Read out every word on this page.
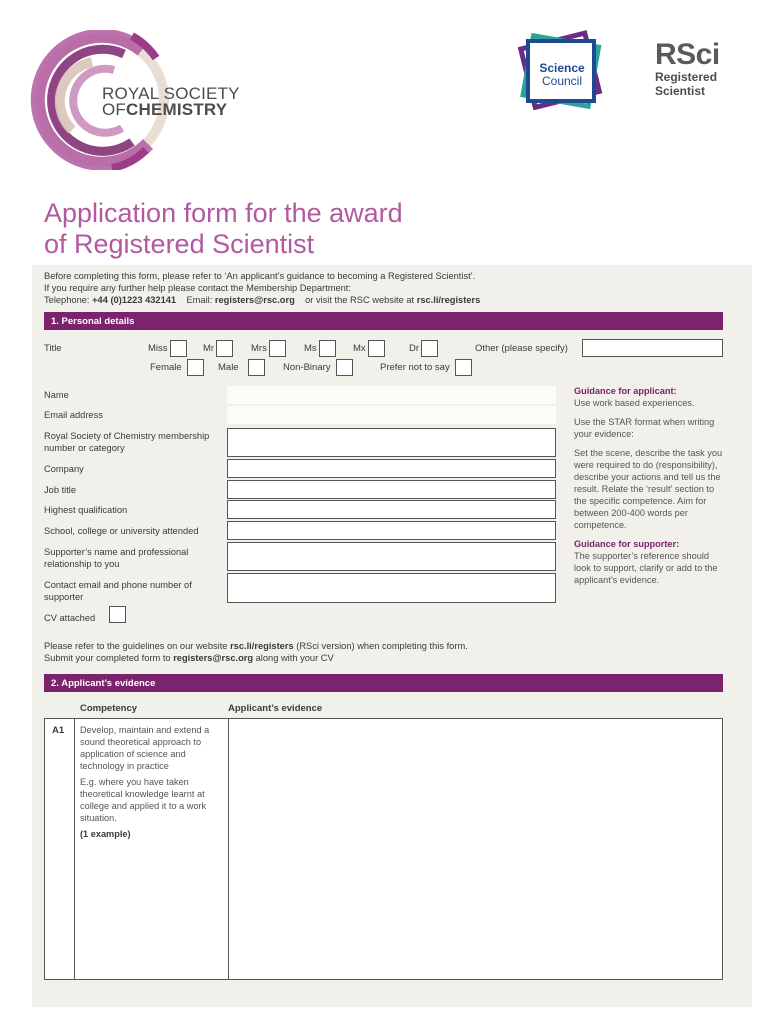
ROYAL SOCIETY
OFCHEMISTRY
Science
Council
RSci
Registered
Scientist
Application form for the award
of Registered Scientist
Before completing this form, please refer to ‘An applicant’s guidance to becoming a Registered Scientist’.
If you require any further help please contact the Membership Department:
Telephone: +44 (0)1223 432141 Email: registers@rsc.org or visit the RSC website at rsc.li/registers
1. Personal details
Title	Miss	Mr	Mrs	Ms	Mx	Dr	Other (please specify)
Female	Male	Non-Binary	Prefer not to say
Name
Email address
Royal Society of Chemistry membership number or category
Company
Job title
Highest qualification
School, college or university attended
Supporter’s name and professional relationship to you
Contact email and phone number of supporter
CV attached
Guidance for applicant:

Use work based experiences.

Use the STAR format when writing your evidence:

Set the scene, describe the task you were required to do (responsibility), describe your actions and tell us the result. Relate the ‘result’ section to the specific competence. Aim for between 200-400 words per competence.

Guidance for supporter:

The supporter’s reference should look to support, clarify or add to the applicant’s evidence.

Please refer to the guidelines on our website rsc.li/registers (RSci version) when completing this form.
Submit your completed form to registers@rsc.org along with your CV
2. Applicant’s evidence
Competency	Applicant’s evidence
A1 Develop, maintain and extend a sound theoretical approach to application of science and technology in practice

E.g. where you have taken theoretical knowledge learnt at college and applied it to a work situation.

(1 example)
